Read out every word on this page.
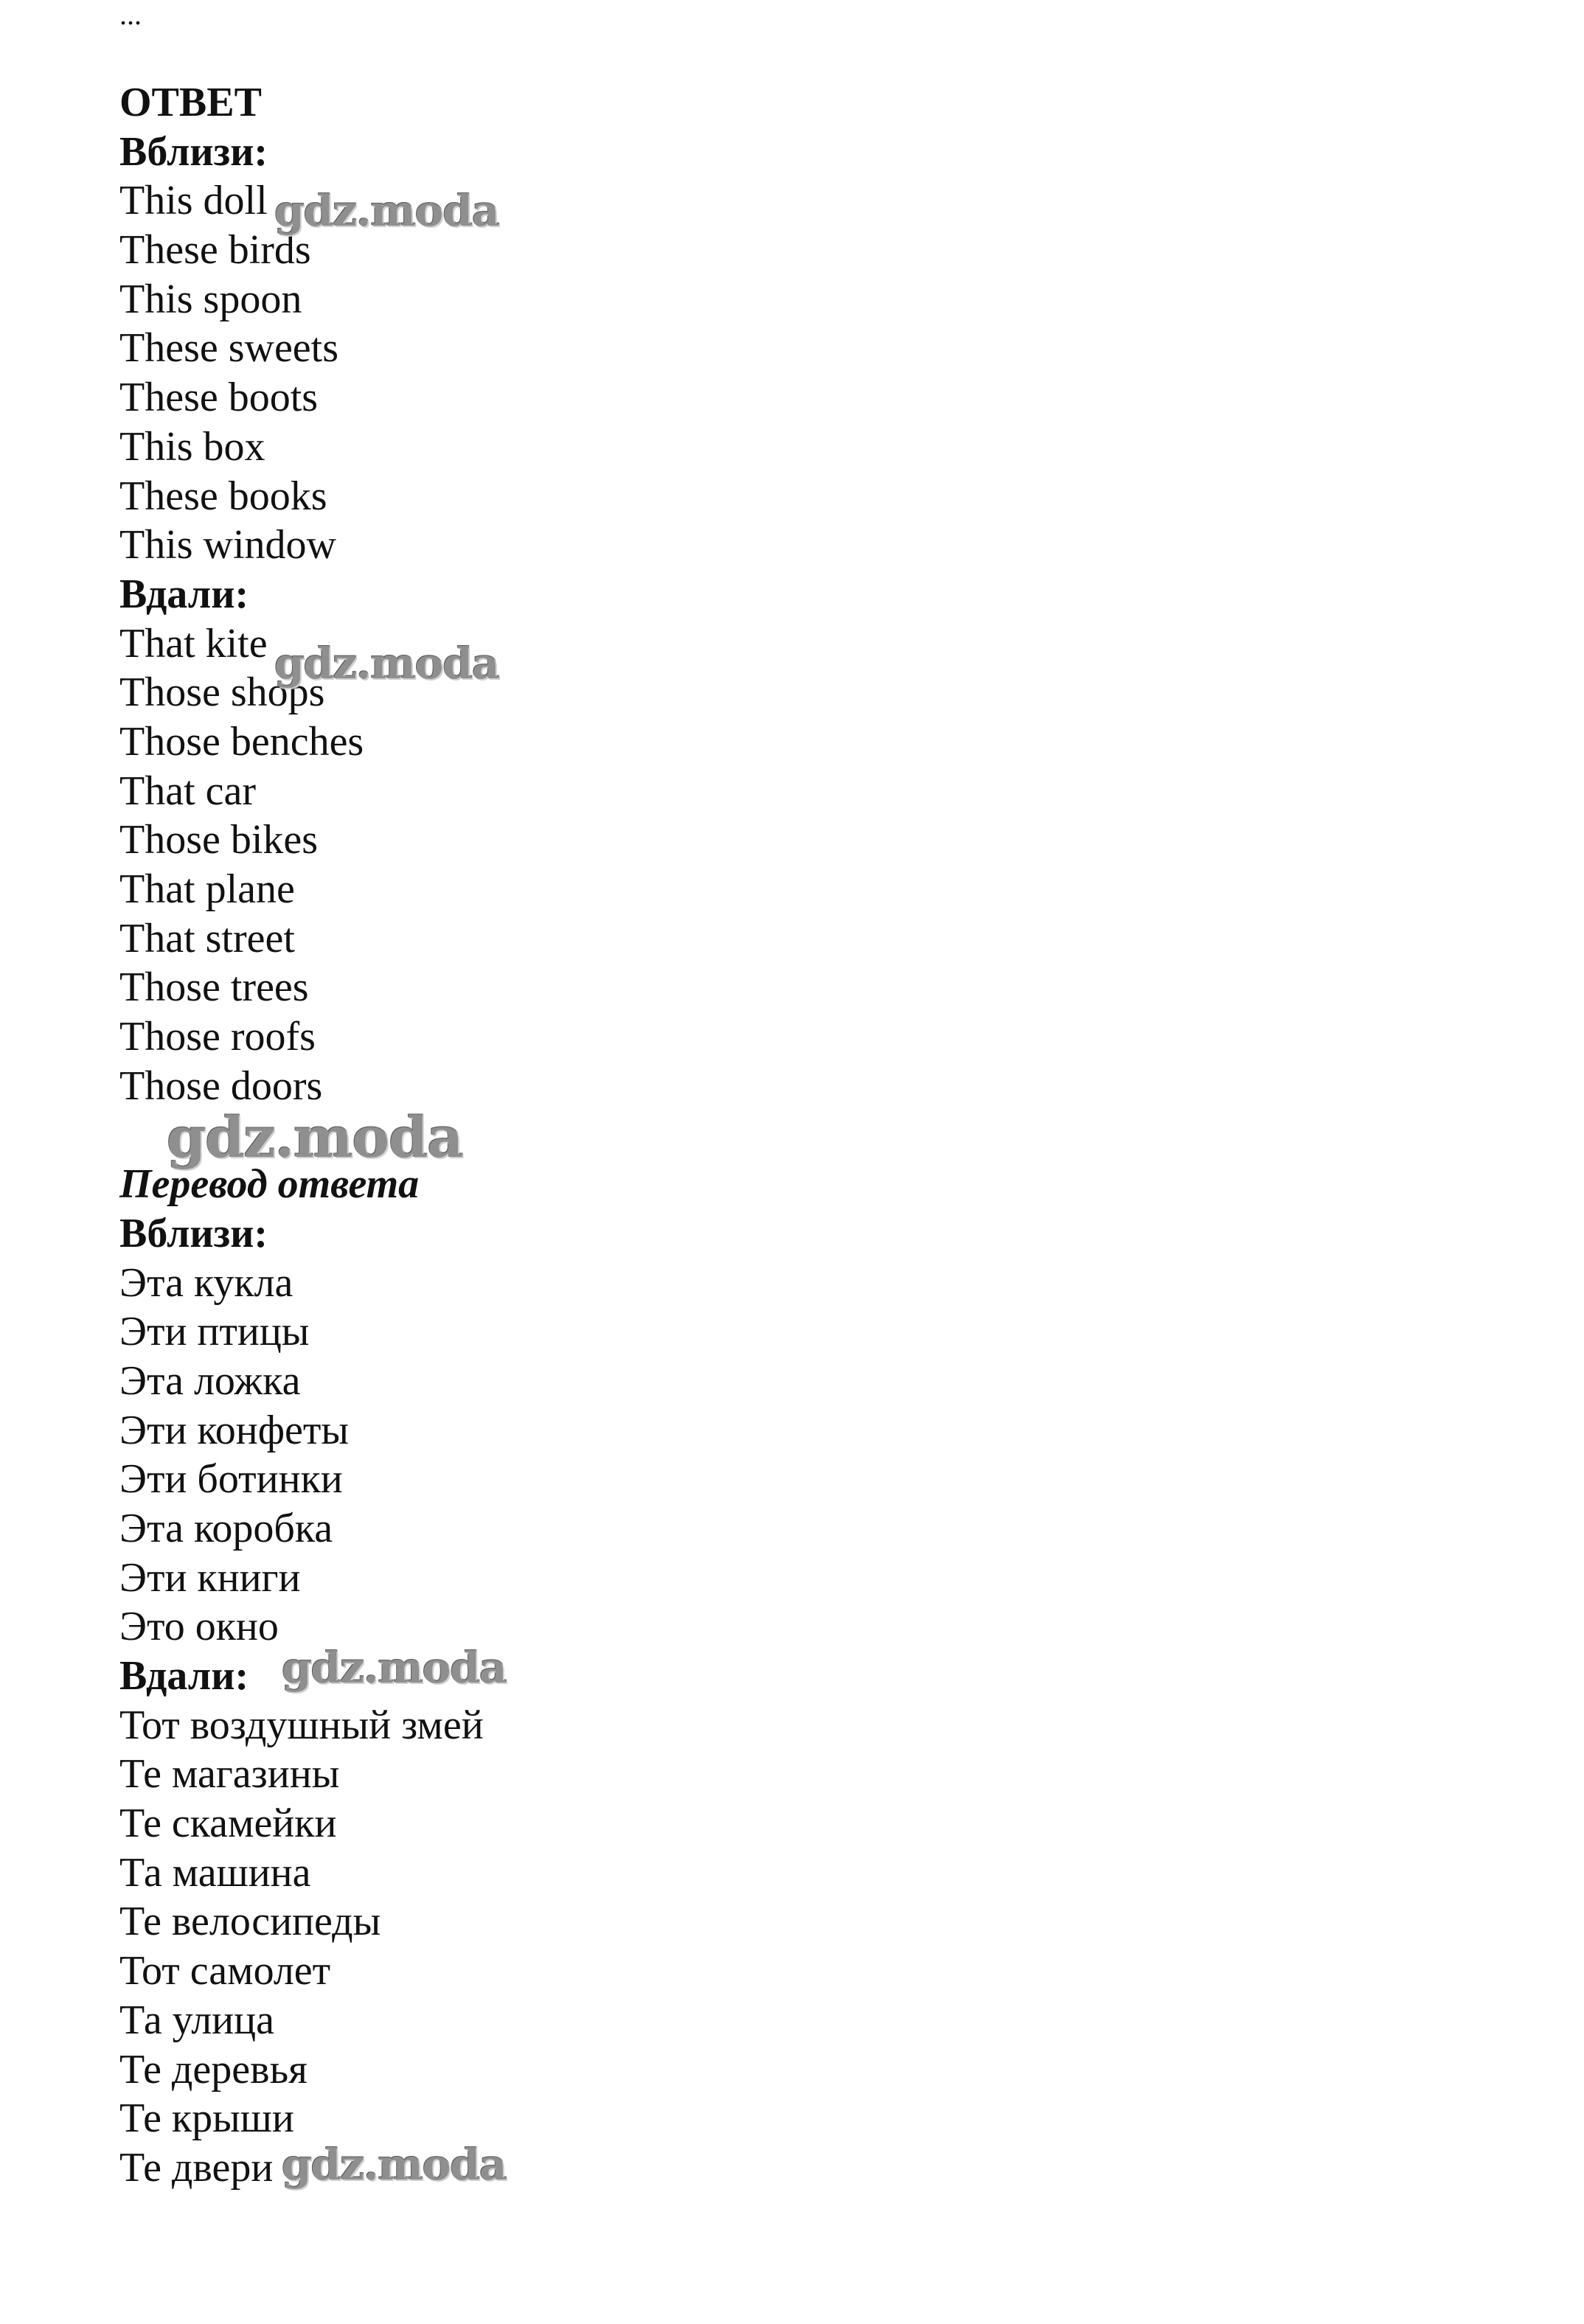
...
ОТВЕТ
Вблизи:
This doll
These birds
This spoon
These sweets
These boots
This box
These books
This window
Вдали:
That kite
Those shops
Those benches
That car
Those bikes
That plane
That street
Those trees
Those roofs
Those doors
Перевод ответа
Вблизи:
Эта кукла
Эти птицы
Эта ложка
Эти конфеты
Эти ботинки
Эта коробка
Эти книги
Это окно
Вдали:
Тот воздушный змей
Те магазины
Те скамейки
Та машина
Те велосипеды
Тот самолет
Та улица
Те деревья
Те крыши
Те двери
gdz.moda
gdz.moda
gdz.moda
gdz.moda
gdz.moda
